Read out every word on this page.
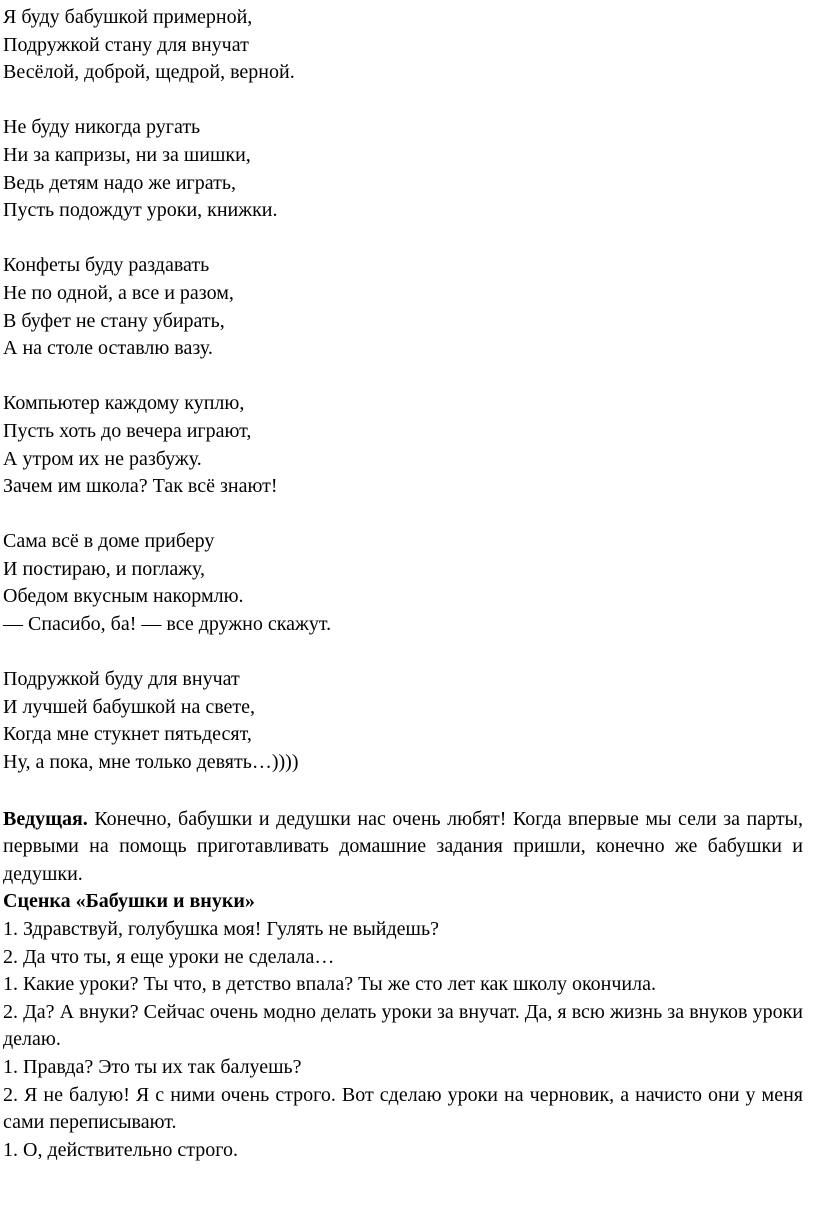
Я буду бабушкой примерной,
Подружкой стану для внучат
Весёлой, доброй, щедрой, верной.
Не буду никогда ругать
Ни за капризы, ни за шишки,
Ведь детям надо же играть,
Пусть подождут уроки, книжки.
Конфеты буду раздавать
Не по одной, а все и разом,
В буфет не стану убирать,
А на столе оставлю вазу.
Компьютер каждому куплю,
Пусть хоть до вечера играют,
А утром их не разбужу.
Зачем им школа? Так всё знают!
Сама всё в доме приберу
И постираю, и поглажу,
Обедом вкусным накормлю.
— Спасибо, ба! — все дружно скажут.
Подружкой буду для внучат
И лучшей бабушкой на свете,
Когда мне стукнет пятьдесят,
Ну, а пока, мне только девять…))))
Ведущая. Конечно, бабушки и дедушки нас очень любят! Когда впервые мы сели за парты, первыми на помощь приготавливать домашние задания пришли, конечно же бабушки и дедушки.
Сценка «Бабушки и внуки»
1. Здравствуй, голубушка моя! Гулять не выйдешь?
2. Да что ты, я еще уроки не сделала…
1. Какие уроки? Ты что, в детство впала? Ты же сто лет как школу окончила.
2. Да? А внуки? Сейчас очень модно делать уроки за внучат. Да, я всю жизнь за внуков уроки делаю.
1. Правда? Это ты их так балуешь?
2. Я не балую! Я с ними очень строго. Вот сделаю уроки на черновик, а начисто они у меня сами переписывают.
1. О, действительно строго.
